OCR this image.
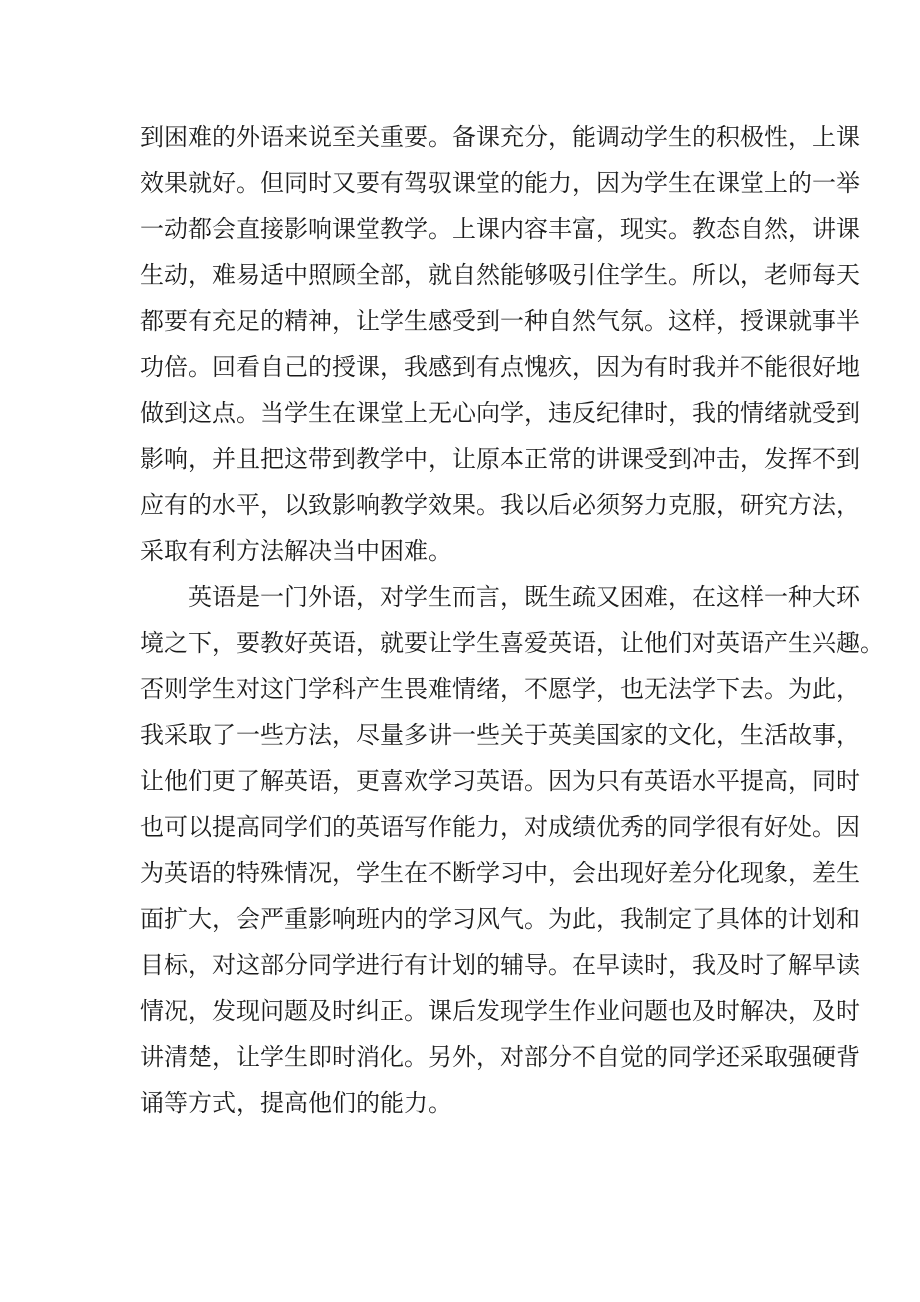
到困难的外语来说至关重要。备课充分，能调动学生的积极性，上课
效果就好。但同时又要有驾驭课堂的能力，因为学生在课堂上的一举
一动都会直接影响课堂教学。上课内容丰富，现实。教态自然，讲课
生动，难易适中照顾全部，就自然能够吸引住学生。所以，老师每天
都要有充足的精神，让学生感受到一种自然气氛。这样，授课就事半
功倍。回看自己的授课，我感到有点愧疚，因为有时我并不能很好地
做到这点。当学生在课堂上无心向学，违反纪律时，我的情绪就受到
影响，并且把这带到教学中，让原本正常的讲课受到冲击，发挥不到
应有的水平，以致影响教学效果。我以后必须努力克服，研究方法，
采取有利方法解决当中困难。
英语是一门外语，对学生而言，既生疏又困难，在这样一种大环
境之下，要教好英语，就要让学生喜爱英语，让他们对英语产生兴趣。
否则学生对这门学科产生畏难情绪，不愿学，也无法学下去。为此，
我采取了一些方法，尽量多讲一些关于英美国家的文化，生活故事，
让他们更了解英语，更喜欢学习英语。因为只有英语水平提高，同时
也可以提高同学们的英语写作能力，对成绩优秀的同学很有好处。因
为英语的特殊情况，学生在不断学习中，会出现好差分化现象，差生
面扩大，会严重影响班内的学习风气。为此，我制定了具体的计划和
目标，对这部分同学进行有计划的辅导。在早读时，我及时了解早读
情况，发现问题及时纠正。课后发现学生作业问题也及时解决，及时
讲清楚，让学生即时消化。另外，对部分不自觉的同学还采取强硬背
诵等方式，提高他们的能力。
